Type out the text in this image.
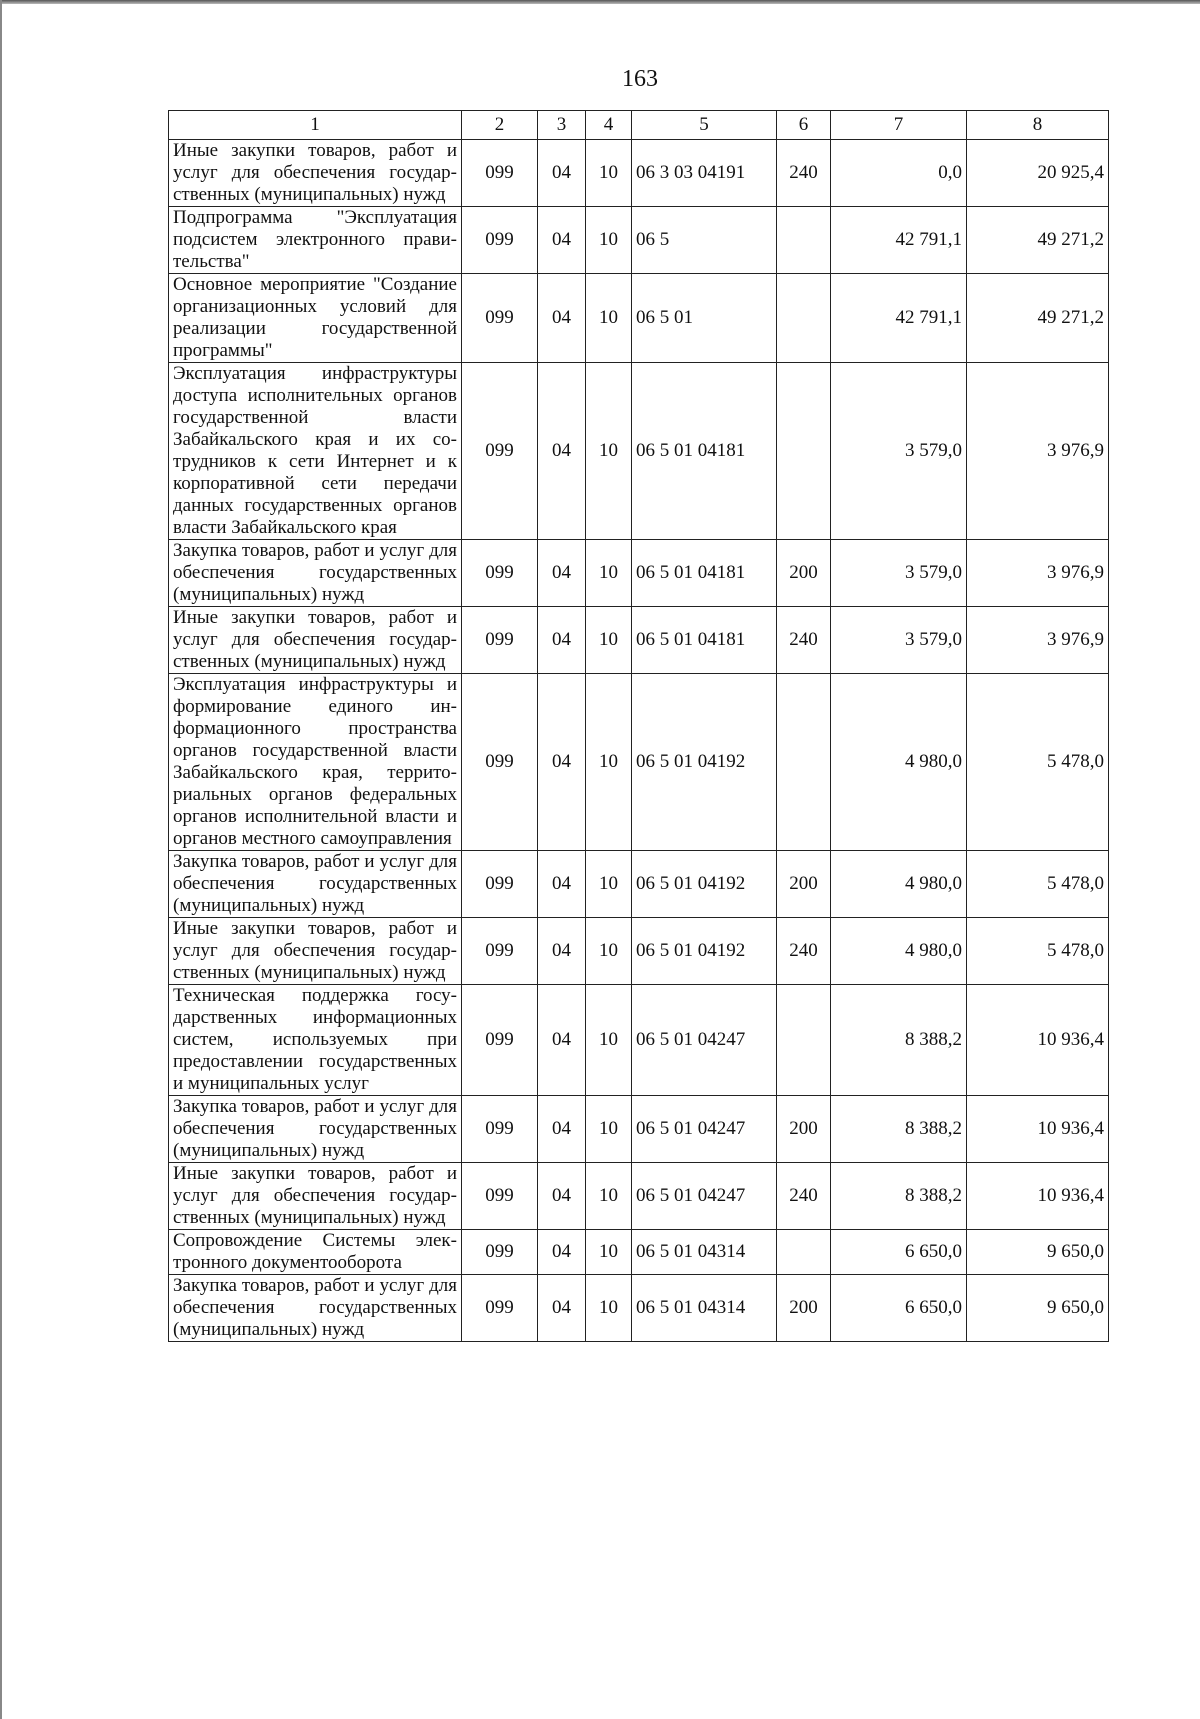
163
1	2	3	4	5	6	7	8
Иные закупки товаров, работ и услуг для обеспечения государственных (муниципальных) нужд	099	04	10	06 3 03 04191	240	0,0	20 925,4
Подпрограмма "Эксплуатация подсистем электронного правительства"	099	04	10	06 5		42 791,1	49 271,2
Основное мероприятие "Создание организационных условий для реализации государственной программы"	099	04	10	06 5 01		42 791,1	49 271,2
Эксплуатация инфраструктуры доступа исполнительных органов государственной власти Забайкальского края и их сотрудников к сети Интернет и к корпоративной сети передачи данных государственных органов власти Забайкальского края	099	04	10	06 5 01 04181		3 579,0	3 976,9
Закупка товаров, работ и услуг для обеспечения государственных (муниципальных) нужд	099	04	10	06 5 01 04181	200	3 579,0	3 976,9
Иные закупки товаров, работ и услуг для обеспечения государственных (муниципальных) нужд	099	04	10	06 5 01 04181	240	3 579,0	3 976,9
Эксплуатация инфраструктуры и формирование единого информационного пространства органов государственной власти Забайкальского края, территориальных органов федеральных органов исполнительной власти и органов местного самоуправления	099	04	10	06 5 01 04192		4 980,0	5 478,0
Закупка товаров, работ и услуг для обеспечения государственных (муниципальных) нужд	099	04	10	06 5 01 04192	200	4 980,0	5 478,0
Иные закупки товаров, работ и услуг для обеспечения государственных (муниципальных) нужд	099	04	10	06 5 01 04192	240	4 980,0	5 478,0
Техническая поддержка государственных информационных систем, используемых при предоставлении государственных и муниципальных услуг	099	04	10	06 5 01 04247		8 388,2	10 936,4
Закупка товаров, работ и услуг для обеспечения государственных (муниципальных) нужд	099	04	10	06 5 01 04247	200	8 388,2	10 936,4
Иные закупки товаров, работ и услуг для обеспечения государственных (муниципальных) нужд	099	04	10	06 5 01 04247	240	8 388,2	10 936,4
Сопровождение Системы электронного документооборота	099	04	10	06 5 01 04314		6 650,0	9 650,0
Закупка товаров, работ и услуг для обеспечения государственных (муниципальных) нужд	099	04	10	06 5 01 04314	200	6 650,0	9 650,0
